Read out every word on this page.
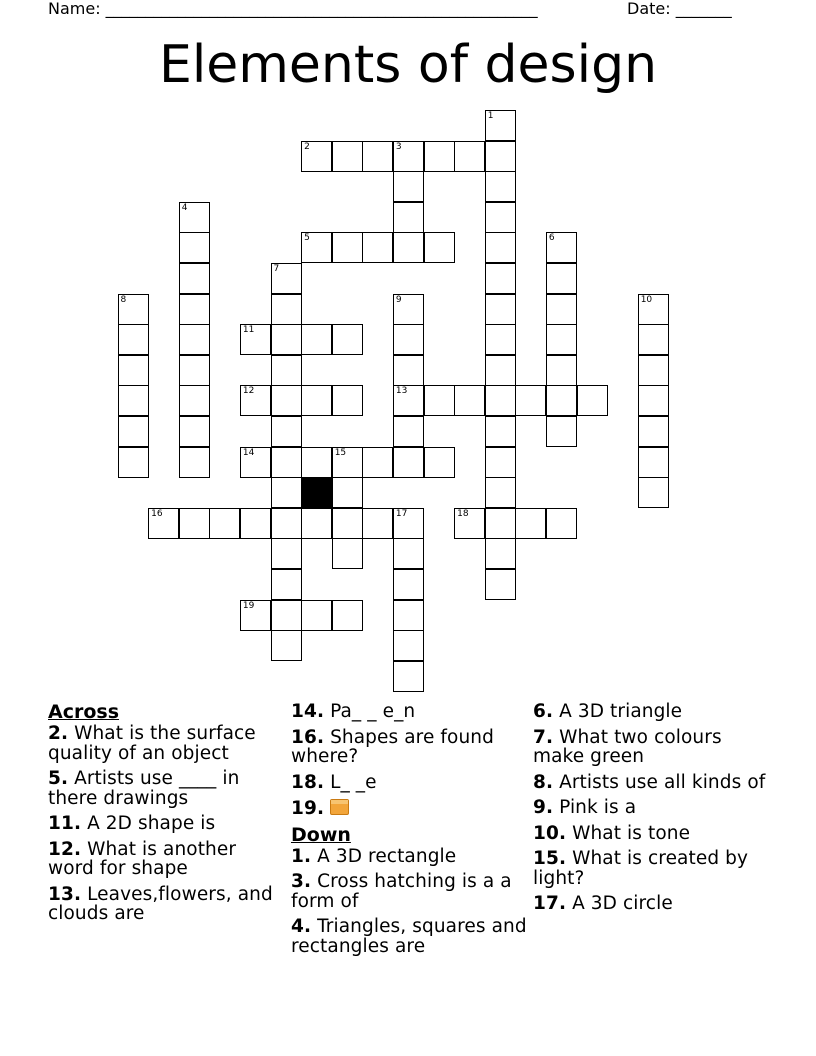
Name: ______________________________________________________	Date: _______
Elements of design
2	3
5
11
12	13
14	15
16	17	18
19
1
4
6
7
8	9	10
Across
2. What is the surface quality of an object
5. Artists use ____ in there drawings
11. A 2D shape is
12. What is another word for shape
13. Leaves,flowers, and clouds are
14. Pa_ _ e_n
16. Shapes are found where?
18. L_ _e
19.
Down
1. A 3D rectangle
3. Cross hatching is a a form of
4. Triangles, squares and rectangles are
6. A 3D triangle
7. What two colours make green
8. Artists use all kinds of
9. Pink is a
10. What is tone
15. What is created by light?
17. A 3D circle
